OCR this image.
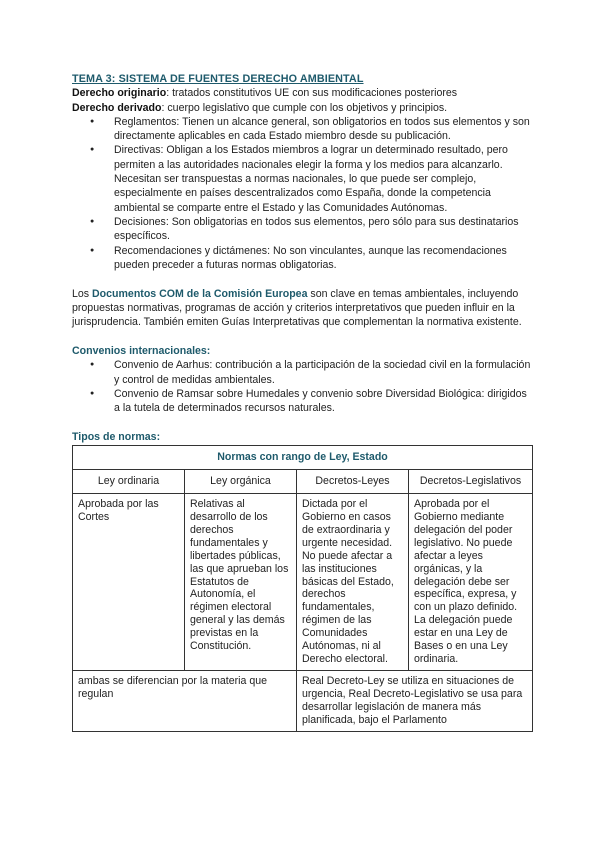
TEMA 3: SISTEMA DE FUENTES DERECHO AMBIENTAL

Derecho originario: tratados constitutivos UE con sus modificaciones posteriores

Derecho derivado: cuerpo legislativo que cumple con los objetivos y principios.

● Reglamentos: Tienen un alcance general, son obligatorios en todos sus elementos y son directamente aplicables en cada Estado miembro desde su publicación.
● Directivas: Obligan a los Estados miembros a lograr un determinado resultado, pero permiten a las autoridades nacionales elegir la forma y los medios para alcanzarlo. Necesitan ser transpuestas a normas nacionales, lo que puede ser complejo, especialmente en países descentralizados como España, donde la competencia ambiental se comparte entre el Estado y las Comunidades Autónomas.
● Decisiones: Son obligatorias en todos sus elementos, pero sólo para sus destinatarios específicos.
● Recomendaciones y dictámenes: No son vinculantes, aunque las recomendaciones pueden preceder a futuras normas obligatorias.

Los Documentos COM de la Comisión Europea son clave en temas ambientales, incluyendo propuestas normativas, programas de acción y criterios interpretativos que pueden influir en la jurisprudencia. También emiten Guías Interpretativas que complementan la normativa existente.

Convenios internacionales:
● Convenio de Aarhus: contribución a la participación de la sociedad civil en la formulación y control de medidas ambientales.
● Convenio de Ramsar sobre Humedales y convenio sobre Diversidad Biológica: dirigidos a la tutela de determinados recursos naturales.
Tipos de normas:
Normas con rango de Ley, Estado			
Ley ordinaria	Ley orgánica	Decretos-Leyes	Decretos-Legislativos
Aprobada por las Cortes	Relativas al desarrollo de los derechos fundamentales y libertades públicas, las que aprueban los Estatutos de Autonomía, el régimen electoral general y las demás previstas en la Constitución.	Dictada por el Gobierno en casos de extraordinaria y urgente necesidad. No puede afectar a las instituciones básicas del Estado, derechos fundamentales, régimen de las Comunidades Autónomas, ni al Derecho electoral.	Aprobada por el Gobierno mediante delegación del poder legislativo. No puede afectar a leyes orgánicas, y la delegación debe ser específica, expresa, y con un plazo definido. La delegación puede estar en una Ley de Bases o en una Ley ordinaria.
ambas se diferencian por la materia que regulan		Real Decreto-Ley se utiliza en situaciones de urgencia, Real Decreto-Legislativo se usa para desarrollar legislación de manera más planificada, bajo el Parlamento	
